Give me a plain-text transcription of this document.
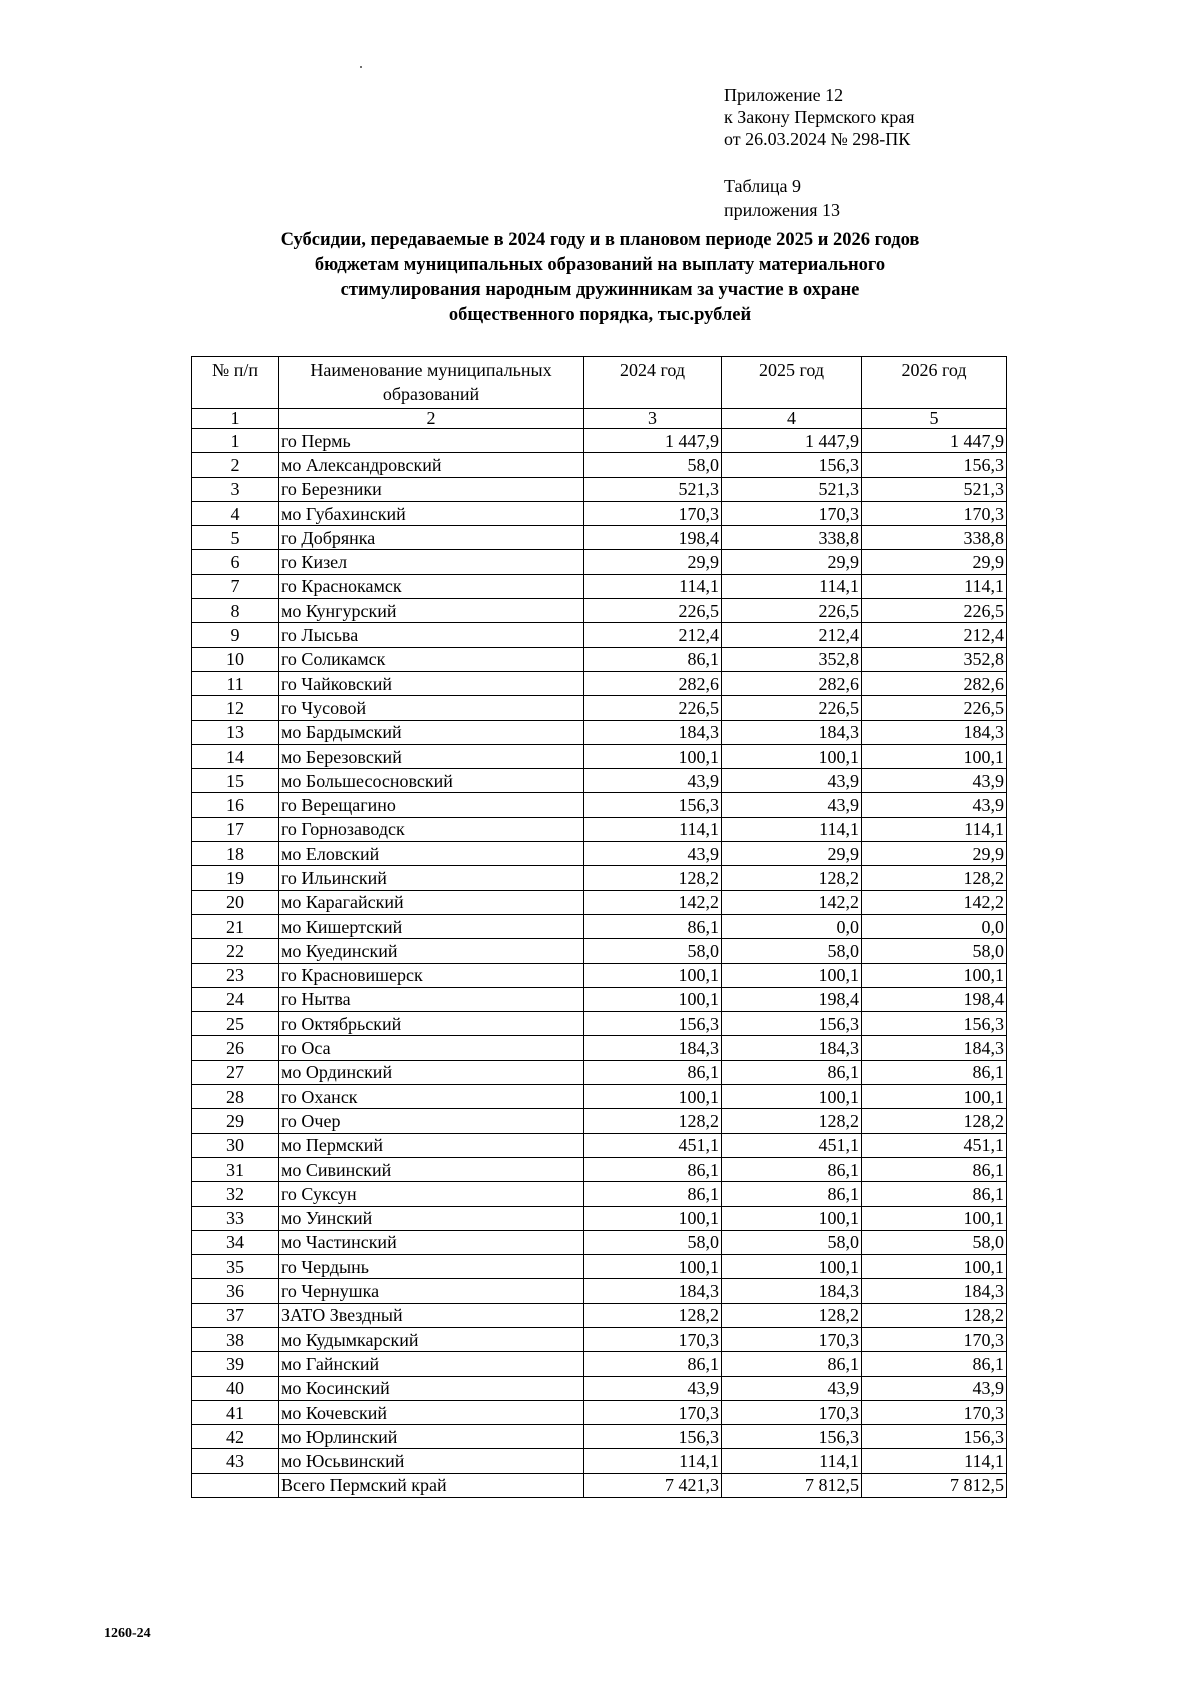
Приложение 12
к Закону Пермского края
от 26.03.2024 № 298-ПК
Таблица 9
приложения 13
Субсидии, передаваемые в 2024 году и в плановом периоде 2025 и 2026 годов
бюджетам муниципальных образований на выплату материального
стимулирования народным дружинникам за участие в охране
общественного порядка, тыс.рублей
№ п/п	Наименование муниципальных образований	2024 год	2025 год	2026 год
1	2	3	4	5
1	го Пермь	1 447,9	1 447,9	1 447,9
2	мо Александровский	58,0	156,3	156,3
3	го Березники	521,3	521,3	521,3
4	мо Губахинский	170,3	170,3	170,3
5	го Добрянка	198,4	338,8	338,8
6	го Кизел	29,9	29,9	29,9
7	го Краснокамск	114,1	114,1	114,1
8	мо Кунгурский	226,5	226,5	226,5
9	го Лысьва	212,4	212,4	212,4
10	го Соликамск	86,1	352,8	352,8
11	го Чайковский	282,6	282,6	282,6
12	го Чусовой	226,5	226,5	226,5
13	мо Бардымский	184,3	184,3	184,3
14	мо Березовский	100,1	100,1	100,1
15	мо Большесосновский	43,9	43,9	43,9
16	го Верещагино	156,3	43,9	43,9
17	го Горнозаводск	114,1	114,1	114,1
18	мо Еловский	43,9	29,9	29,9
19	го Ильинский	128,2	128,2	128,2
20	мо Карагайский	142,2	142,2	142,2
21	мо Кишертский	86,1	0,0	0,0
22	мо Куединский	58,0	58,0	58,0
23	го Красновишерск	100,1	100,1	100,1
24	го Нытва	100,1	198,4	198,4
25	го Октябрьский	156,3	156,3	156,3
26	го Оса	184,3	184,3	184,3
27	мо Ординский	86,1	86,1	86,1
28	го Оханск	100,1	100,1	100,1
29	го Очер	128,2	128,2	128,2
30	мо Пермский	451,1	451,1	451,1
31	мо Сивинский	86,1	86,1	86,1
32	го Суксун	86,1	86,1	86,1
33	мо Уинский	100,1	100,1	100,1
34	мо Частинский	58,0	58,0	58,0
35	го Чердынь	100,1	100,1	100,1
36	го Чернушка	184,3	184,3	184,3
37	ЗАТО Звездный	128,2	128,2	128,2
38	мо Кудымкарский	170,3	170,3	170,3
39	мо Гайнский	86,1	86,1	86,1
40	мо Косинский	43,9	43,9	43,9
41	мо Кочевский	170,3	170,3	170,3
42	мо Юрлинский	156,3	156,3	156,3
43	мо Юсьвинский	114,1	114,1	114,1
	Всего Пермский край	7 421,3	7 812,5	7 812,5
1260-24
